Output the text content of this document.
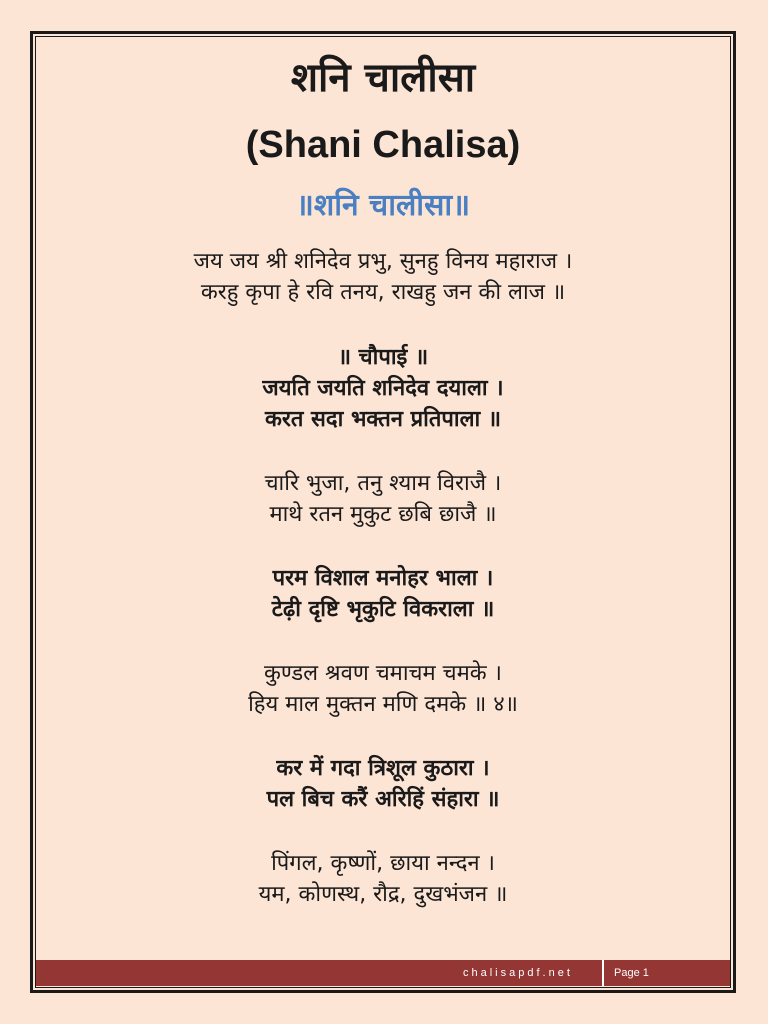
शनि चालीसा
(Shani Chalisa)
॥शनि चालीसा॥
जय जय श्री शनिदेव प्रभु, सुनहु विनय महाराज ।
करहु कृपा हे रवि तनय, राखहु जन की लाज ॥
॥ चौपाई ॥
जयति जयति शनिदेव दयाला ।
करत सदा भक्तन प्रतिपाला ॥
चारि भुजा, तनु श्याम विराजै ।
माथे रतन मुकुट छबि छाजै ॥
परम विशाल मनोहर भाला ।
टेढ़ी दृष्टि भृकुटि विकराला ॥
कुण्डल श्रवण चमाचम चमके ।
हिय माल मुक्तन मणि दमके ॥ ४॥
कर में गदा त्रिशूल कुठारा ।
पल बिच करैं अरिहिं संहारा ॥
पिंगल, कृष्णों, छाया नन्दन ।
यम, कोणस्थ, रौद्र, दुखभंजन ॥
chalisapdf.net	Page 1
